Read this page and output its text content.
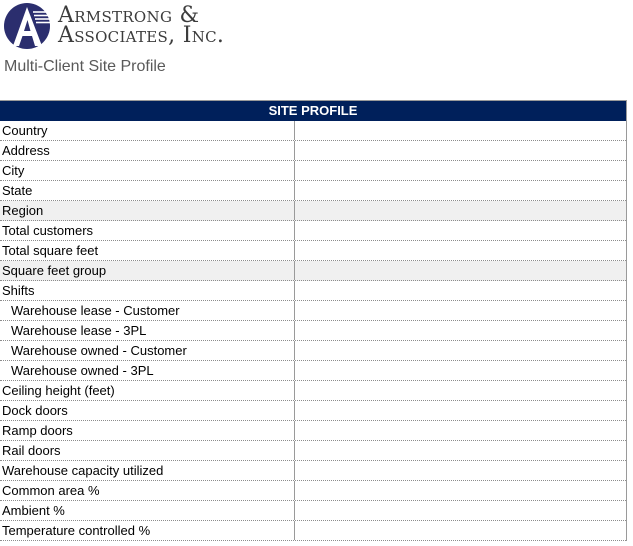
Armstrong &
Associates, Inc.
Multi-Client Site Profile
SITE PROFILE
Country
Address
City
State
Region
Total customers
Total square feet
Square feet group
Shifts
Warehouse lease - Customer
Warehouse lease - 3PL
Warehouse owned - Customer
Warehouse owned - 3PL
Ceiling height (feet)
Dock doors
Ramp doors
Rail doors
Warehouse capacity utilized
Common area %
Ambient %
Temperature controlled %
